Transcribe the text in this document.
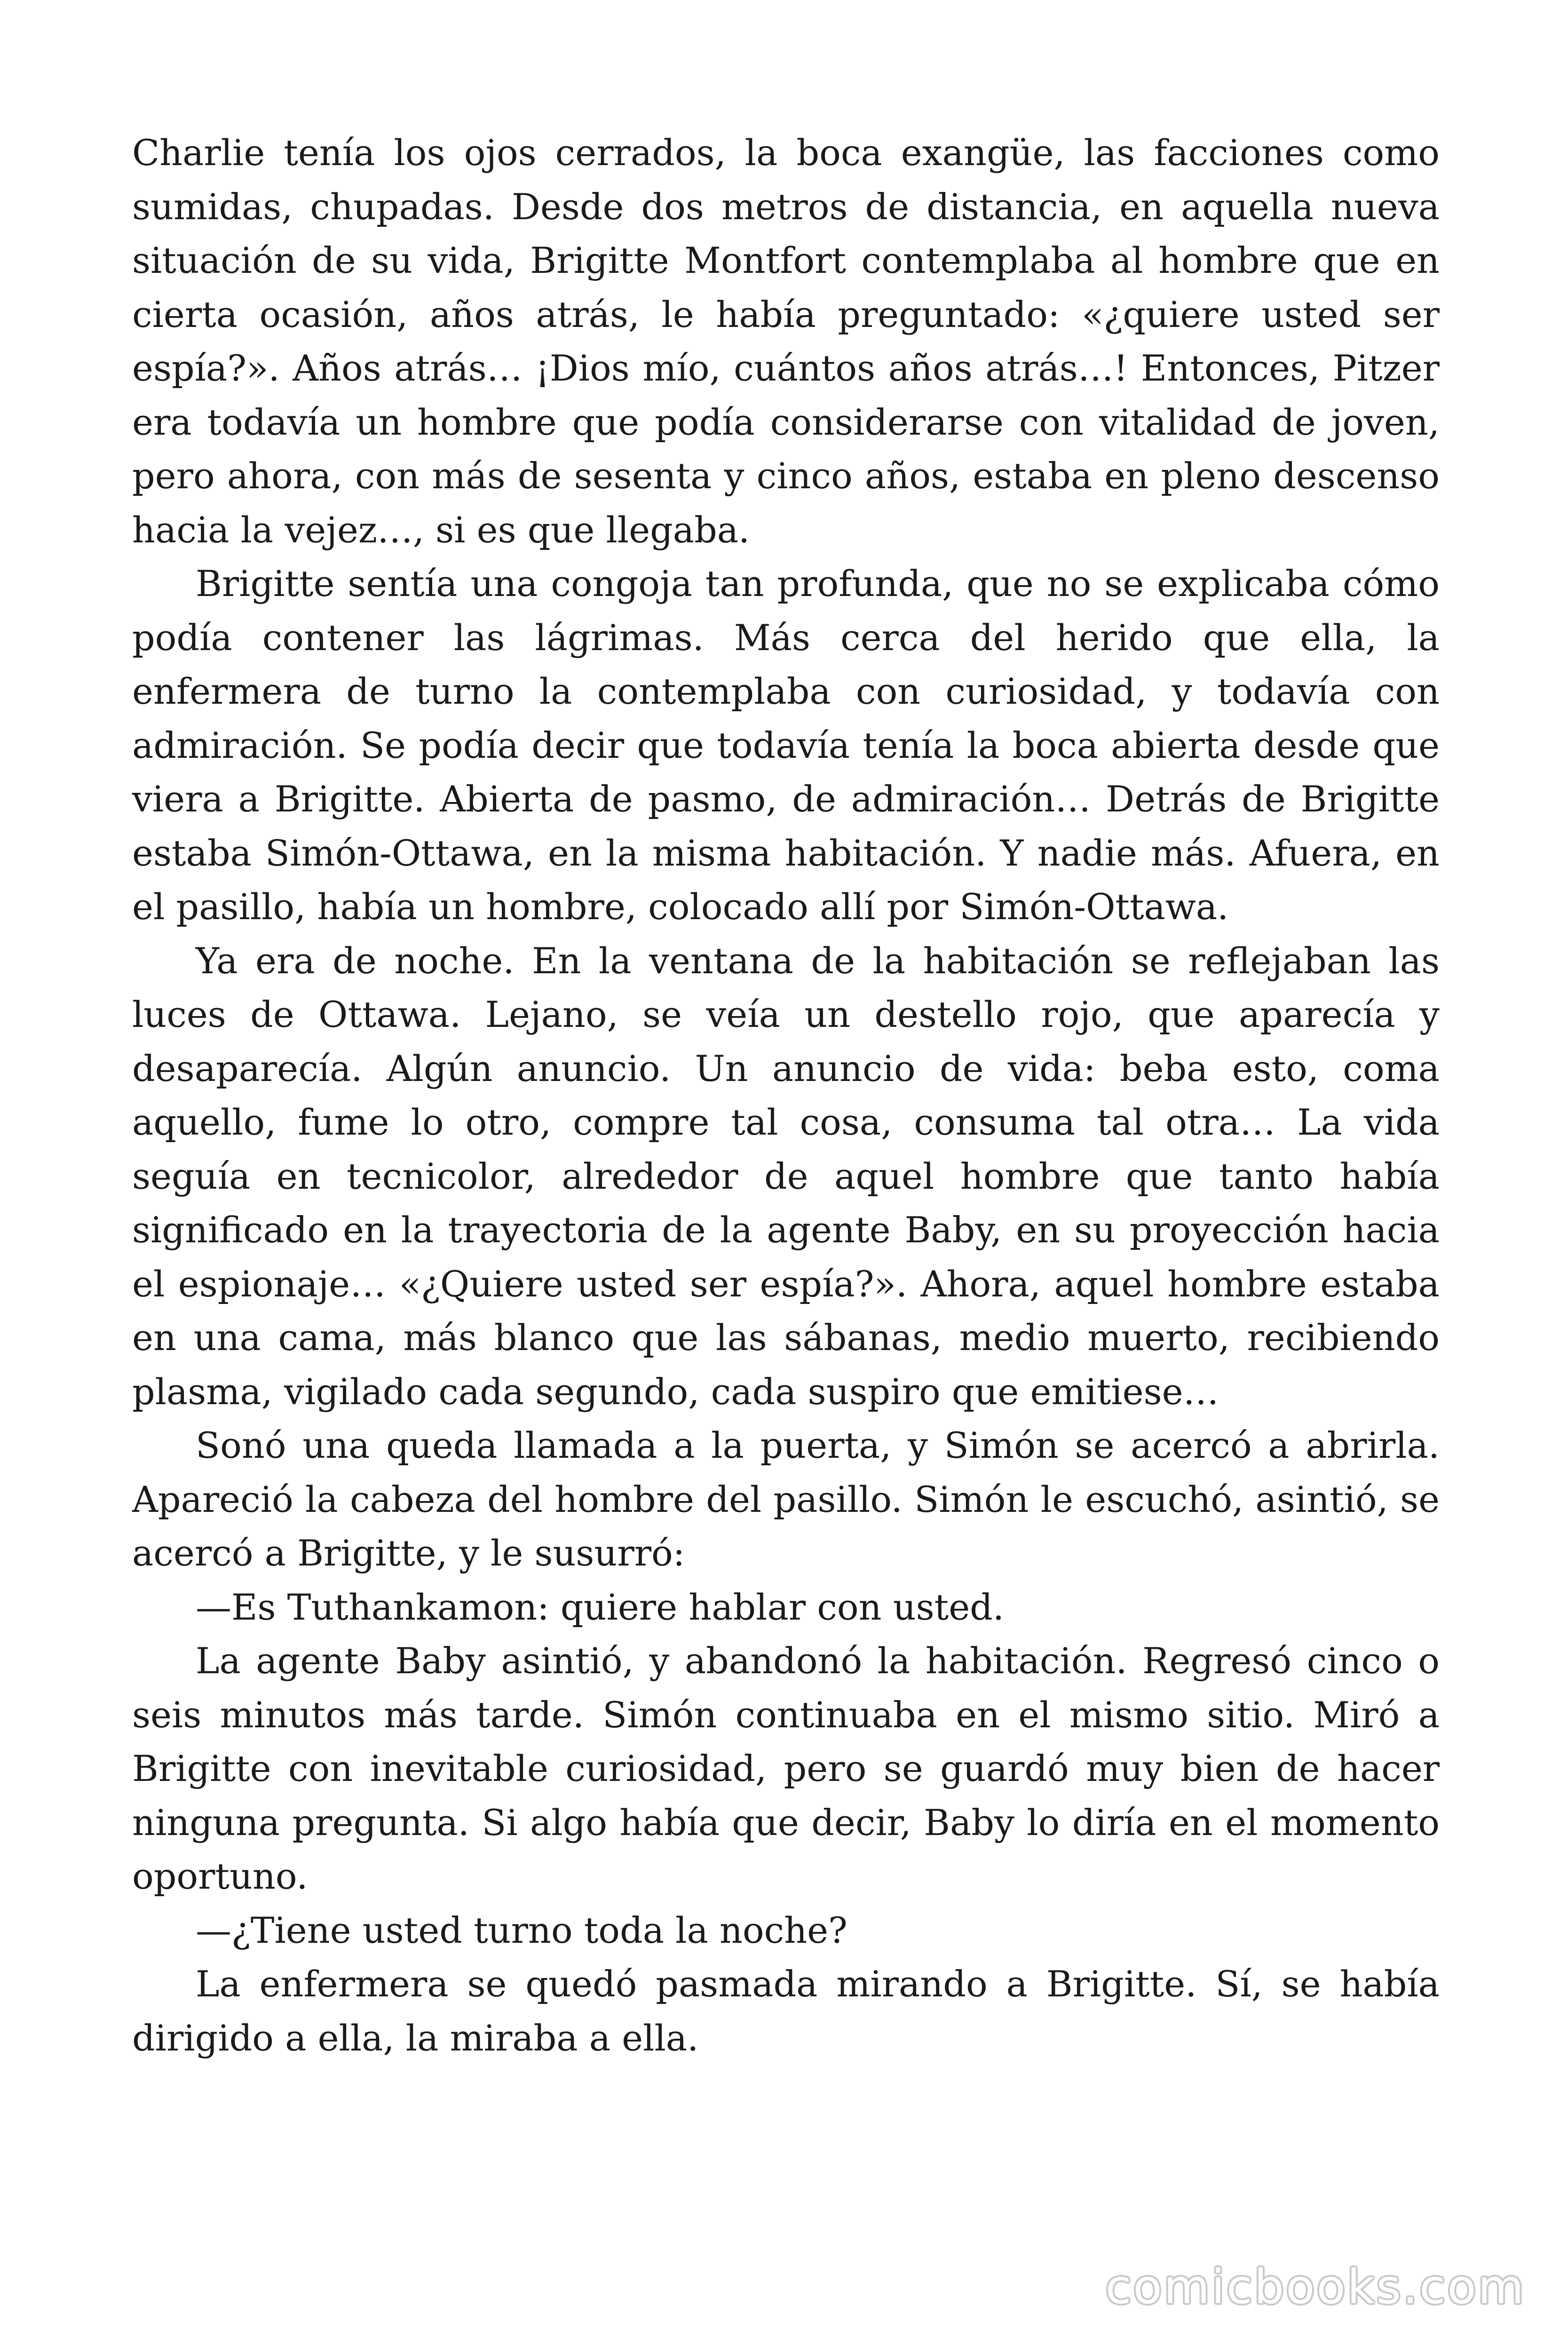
Charlie tenía los ojos cerrados, la boca exangüe, las facciones como sumidas, chupadas. Desde dos metros de distancia, en aquella nueva situación de su vida, Brigitte Montfort contemplaba al hombre que en cierta ocasión, años atrás, le había preguntado: «¿quiere usted ser espía?». Años atrás… ¡Dios mío, cuántos años atrás…! Entonces, Pitzer era todavía un hombre que podía considerarse con vitalidad de joven, pero ahora, con más de sesenta y cinco años, estaba en pleno descenso hacia la vejez…, si es que llegaba.

Brigitte sentía una congoja tan profunda, que no se explicaba cómo podía contener las lágrimas. Más cerca del herido que ella, la enfermera de turno la contemplaba con curiosidad, y todavía con admiración. Se podía decir que todavía tenía la boca abierta desde que viera a Brigitte. Abierta de pasmo, de admiración… Detrás de Brigitte estaba Simón-Ottawa, en la misma habitación. Y nadie más. Afuera, en el pasillo, había un hombre, colocado allí por Simón-Ottawa.

Ya era de noche. En la ventana de la habitación se reflejaban las luces de Ottawa. Lejano, se veía un destello rojo, que aparecía y desaparecía. Algún anuncio. Un anuncio de vida: beba esto, coma aquello, fume lo otro, compre tal cosa, consuma tal otra… La vida seguía en tecnicolor, alrededor de aquel hombre que tanto había significado en la trayectoria de la agente Baby, en su proyección hacia el espionaje… «¿Quiere usted ser espía?». Ahora, aquel hombre estaba en una cama, más blanco que las sábanas, medio muerto, recibiendo plasma, vigilado cada segundo, cada suspiro que emitiese…

Sonó una queda llamada a la puerta, y Simón se acercó a abrirla. Apareció la cabeza del hombre del pasillo. Simón le escuchó, asintió, se acercó a Brigitte, y le susurró:

—Es Tuthankamon: quiere hablar con usted.

La agente Baby asintió, y abandonó la habitación. Regresó cinco o seis minutos más tarde. Simón continuaba en el mismo sitio. Miró a Brigitte con inevitable curiosidad, pero se guardó muy bien de hacer ninguna pregunta. Si algo había que decir, Baby lo diría en el momento oportuno.

—¿Tiene usted turno toda la noche?

La enfermera se quedó pasmada mirando a Brigitte. Sí, se había dirigido a ella, la miraba a ella.

comicbooks.com
